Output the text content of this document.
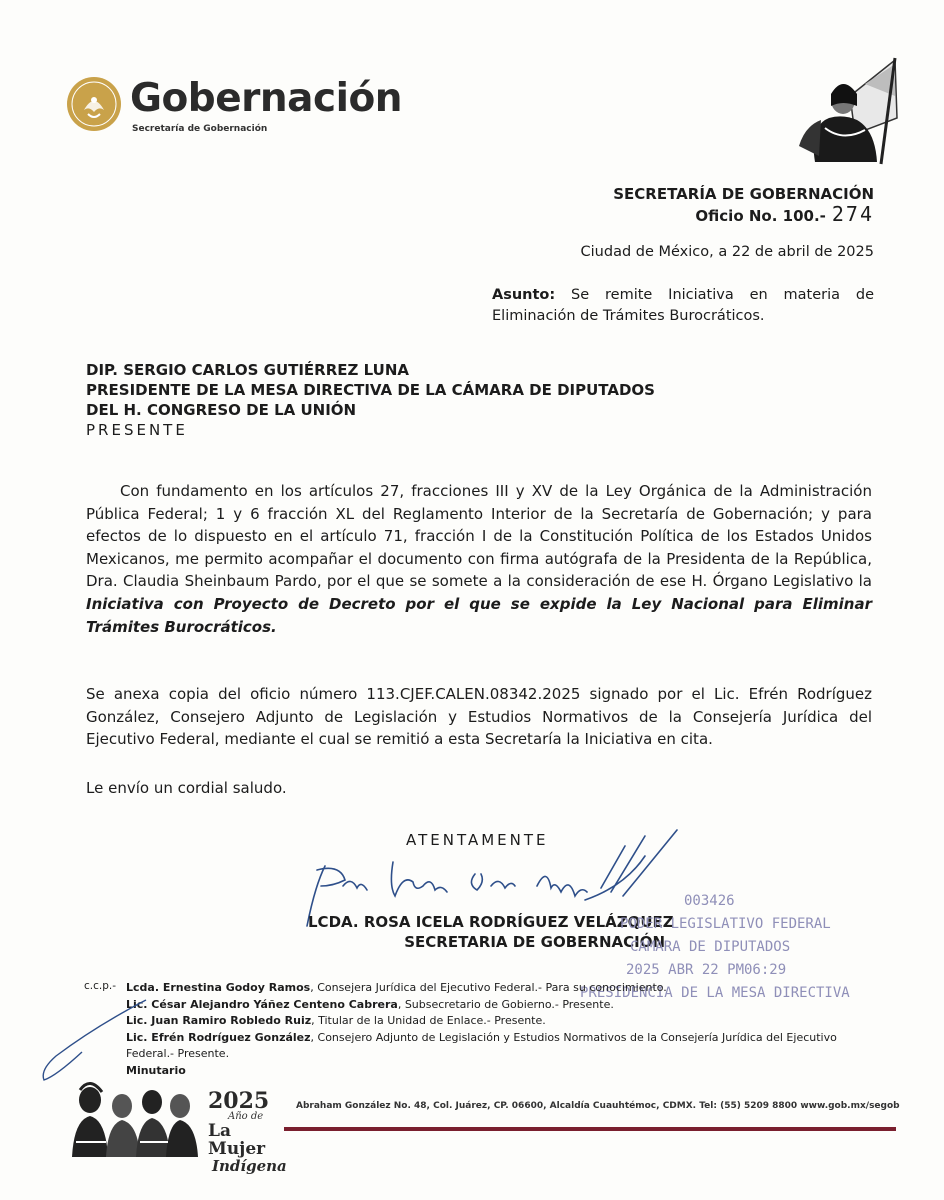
Gobernación
Secretaría de Gobernación
SECRETARÍA DE GOBERNACIÓN
Oficio No. 100.- 274
Ciudad de México, a 22 de abril de 2025
Asunto: Se remite Iniciativa en materia de Eliminación de Trámites Burocráticos.
DIP. SERGIO CARLOS GUTIÉRREZ LUNA
PRESIDENTE DE LA MESA DIRECTIVA DE LA CÁMARA DE DIPUTADOS
DEL H. CONGRESO DE LA UNIÓN
PRESENTE
Con fundamento en los artículos 27, fracciones III y XV de la Ley Orgánica de la Administración Pública Federal; 1 y 6 fracción XL del Reglamento Interior de la Secretaría de Gobernación; y para efectos de lo dispuesto en el artículo 71, fracción I de la Constitución Política de los Estados Unidos Mexicanos, me permito acompañar el documento con firma autógrafa de la Presidenta de la República, Dra. Claudia Sheinbaum Pardo, por el que se somete a la consideración de ese H. Órgano Legislativo la Iniciativa con Proyecto de Decreto por el que se expide la Ley Nacional para Eliminar Trámites Burocráticos.
Se anexa copia del oficio número 113.CJEF.CALEN.08342.2025 signado por el Lic. Efrén Rodríguez González, Consejero Adjunto de Legislación y Estudios Normativos de la Consejería Jurídica del Ejecutivo Federal, mediante el cual se remitió a esta Secretaría la Iniciativa en cita.
Le envío un cordial saludo.
ATENTAMENTE
LCDA. ROSA ICELA RODRÍGUEZ VELÁZQUEZ
SECRETARIA DE GOBERNACIÓN
003426
PODER LEGISLATIVO FEDERAL
CAMARA DE DIPUTADOS
2025 ABR 22 PM06:29
PRESIDENCIA DE LA MESA DIRECTIVA
c.c.p.- Lcda. Ernestina Godoy Ramos, Consejera Jurídica del Ejecutivo Federal.- Para su conocimiento.
Lic. César Alejandro Yáñez Centeno Cabrera, Subsecretario de Gobierno.- Presente.
Lic. Juan Ramiro Robledo Ruiz, Titular de la Unidad de Enlace.- Presente.
Lic. Efrén Rodríguez González, Consejero Adjunto de Legislación y Estudios Normativos de la Consejería Jurídica del Ejecutivo
Federal.- Presente.
Minutario
2025
Año de
La Mujer
Indígena
Abraham González No. 48, Col. Juárez, CP. 06600, Alcaldía Cuauhtémoc, CDMX. Tel: (55) 5209 8800 www.gob.mx/segob
